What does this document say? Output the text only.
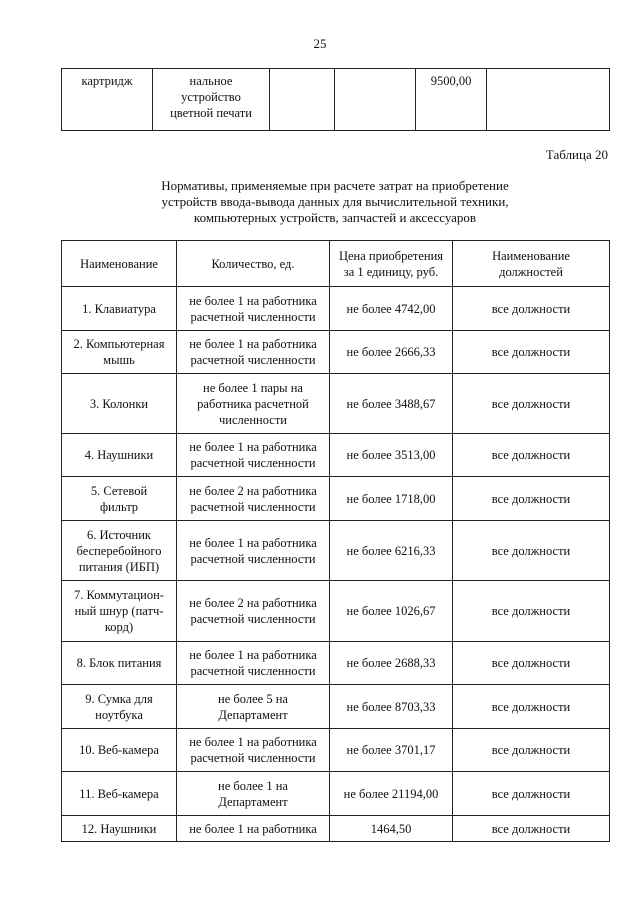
25
картридж	нальное
устройство
цветной печати			9500,00	
Таблица 20
Нормативы, применяемые при расчете затрат на приобретение
устройств ввода-вывода данных для вычислительной техники,
компьютерных устройств, запчастей и аксессуаров
Наименование	Количество, ед.	Цена приобретения
за 1 единицу, руб.	Наименование
должностей
1. Клавиатура	не более 1 на работника
расчетной численности	не более 4742,00	все должности
2. Компьютерная
мышь	не более 1 на работника
расчетной численности	не более 2666,33	все должности
3. Колонки	не более 1 пары на
работника расчетной
численности	не более 3488,67	все должности
4. Наушники	не более 1 на работника
расчетной численности	не более 3513,00	все должности
5. Сетевой
фильтр	не более 2 на работника
расчетной численности	не более 1718,00	все должности
6. Источник
бесперебойного
питания (ИБП)	не более 1 на работника
расчетной численности	не более 6216,33	все должности
7. Коммутацион-
ный шнур (патч-
корд)	не более 2 на работника
расчетной численности	не более 1026,67	все должности
8. Блок питания	не более 1 на работника
расчетной численности	не более 2688,33	все должности
9. Сумка для
ноутбука	не более 5 на
Департамент	не более 8703,33	все должности
10. Веб-камера	не более 1 на работника
расчетной численности	не более 3701,17	все должности
11. Веб-камера	не более 1 на
Департамент	не более 21194,00	все должности
12. Наушники	не более 1 на работника	1464,50	все должности
